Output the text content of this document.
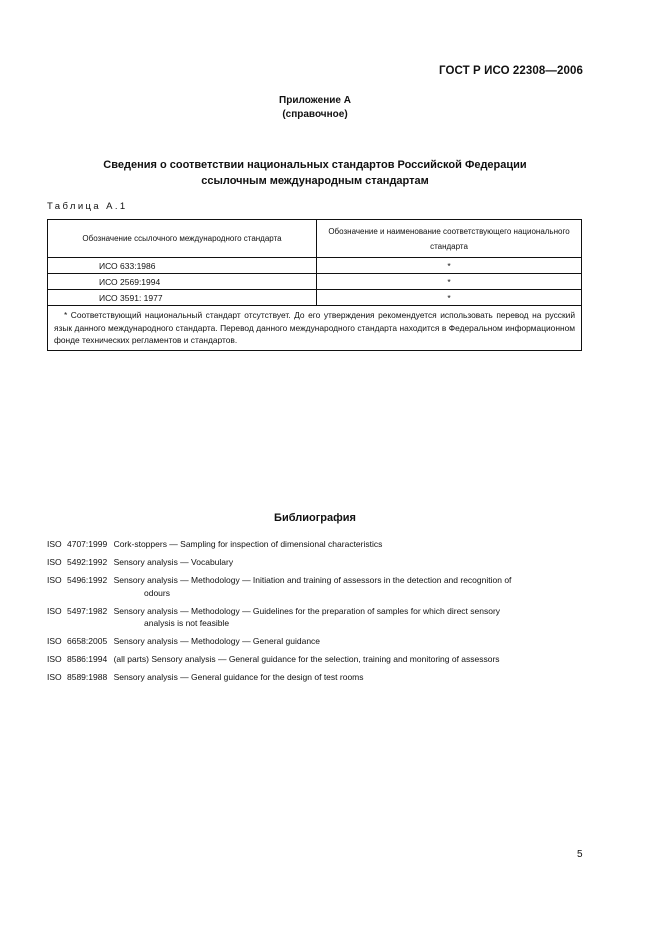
ГОСТ Р ИСО 22308—2006
Приложение А
(справочное)
Сведения о соответствии национальных стандартов Российской Федерации
ссылочным международным стандартам
Таблица А.1
Обозначение ссылочного международного стандарта	Обозначение и наименование соответствующего национального стандарта
ИСО 633:1986	*
ИСО 2569:1994	*
ИСО 3591: 1977	*
* Соответствующий национальный стандарт отсутствует. До его утверждения рекомендуется использовать перевод на русский язык данного международного стандарта. Перевод данного международного стандарта находится в Федеральном информационном фонде технических регламентов и стандартов.	
Библиография
ISO 4707:1999 Cork-stoppers — Sampling for inspection of dimensional characteristics
ISO 5492:1992 Sensory analysis — Vocabulary
ISO 5496:1992 Sensory analysis — Methodology — Initiation and training of assessors in the detection and recognition of
odours
ISO 5497:1982 Sensory analysis — Methodology — Guidelines for the preparation of samples for which direct sensory
analysis is not feasible
ISO 6658:2005 Sensory analysis — Methodology — General guidance
ISO 8586:1994 (all parts) Sensory analysis — General guidance for the selection, training and monitoring of assessors
ISO 8589:1988 Sensory analysis — General guidance for the design of test rooms
5
